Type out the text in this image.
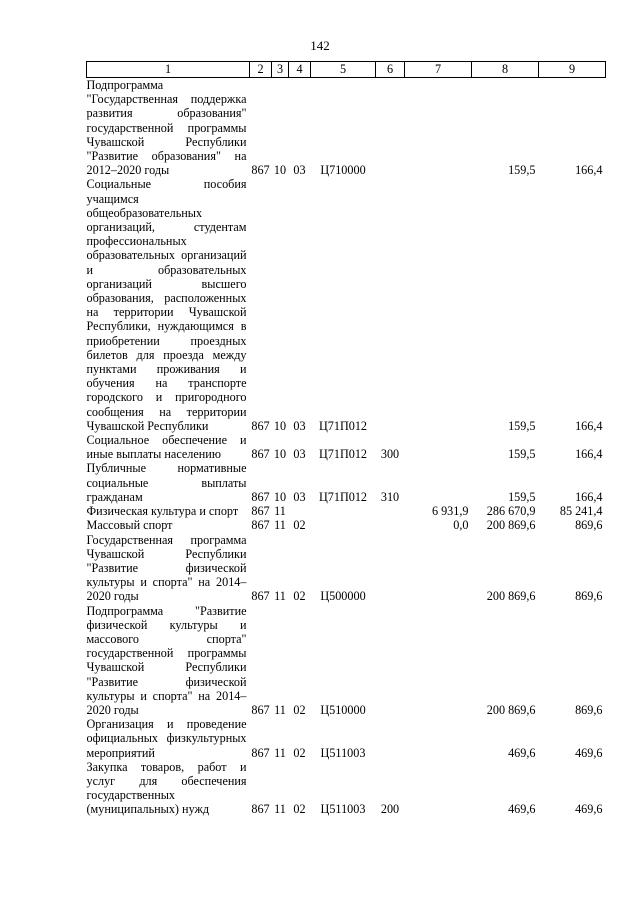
142
1	2	3	4	5	6	7	8	9
Подпрограмма "Государственная поддержка развития образования" государственной программы Чувашской Республики "Развитие образования" на 2012–2020 годы	867	10	03	Ц710000			159,5	166,4
Социальные пособия учащимся общеобразовательных организаций, студентам профессиональных образовательных организаций и образовательных организаций высшего образования, расположенных на территории Чувашской Республики, нуждающимся в приобретении проездных билетов для проезда между пунктами проживания и обучения на транспорте городского и пригородного сообщения на территории Чувашской Республики	867	10	03	Ц71П012			159,5	166,4
Социальное обеспечение и иные выплаты населению	867	10	03	Ц71П012	300		159,5	166,4
Публичные нормативные социальные выплаты гражданам	867	10	03	Ц71П012	310		159,5	166,4
Физическая культура и спорт	867	11				6 931,9	286 670,9	85 241,4
Массовый спорт	867	11	02			0,0	200 869,6	869,6
Государственная программа Чувашской Республики "Развитие физической культуры и спорта" на 2014–2020 годы	867	11	02	Ц500000			200 869,6	869,6
Подпрограмма "Развитие физической культуры и массового спорта" государственной программы Чувашской Республики "Развитие физической культуры и спорта" на 2014–2020 годы	867	11	02	Ц510000			200 869,6	869,6
Организация и проведение официальных физкультурных мероприятий	867	11	02	Ц511003			469,6	469,6
Закупка товаров, работ и услуг для обеспечения государственных (муниципальных) нужд	867	11	02	Ц511003	200		469,6	469,6
